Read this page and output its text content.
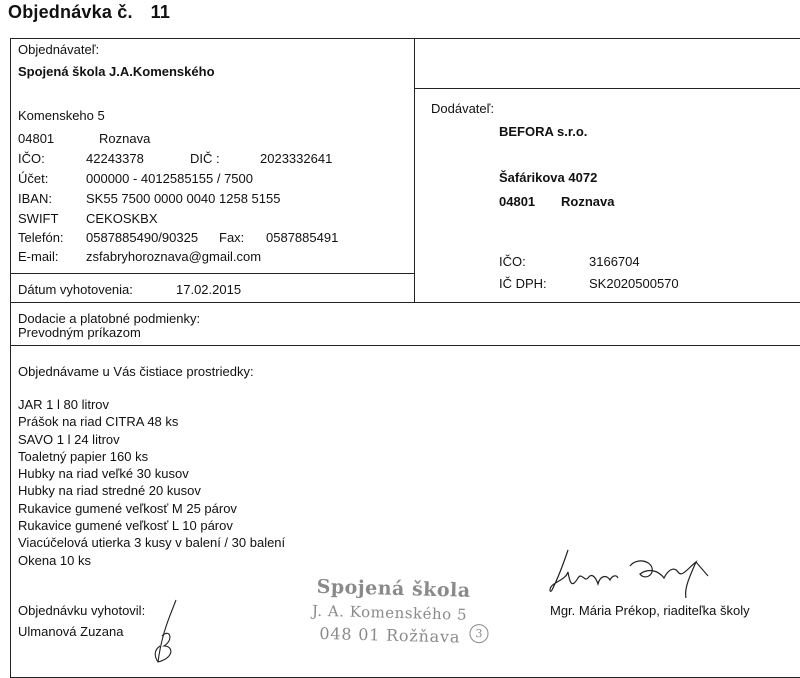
Objednávka č. 11
Objednávateľ:
Spojená škola J.A.Komenského
Komenskeho 5
04801	Roznava
IČO:	42243378	DIČ :	2023332641
Účet:	000000 - 4012585155 / 7500
IBAN:	SK55 7500 0000 0040 1258 5155
SWIFT CEKOSKBX
Telefón: 0587885490/90325 Fax: 0587885491
E-mail: zsfabryhoroznava@gmail.com
Dátum vyhotovenia:	17.02.2015
Dodávateľ:
BEFORA s.r.o.
Šafárikova 4072
04801 Roznava
IČO:	3166704
IČ DPH:	SK2020500570
Dodacie a platobné podmienky:
Prevodným príkazom
Objednávame u Vás čistiace prostriedky:
JAR 1 l 80 litrov
Prášok na riad CITRA 48 ks
SAVO 1 l 24 litrov
Toaletný papier 160 ks
Hubky na riad veľké 30 kusov
Hubky na riad stredné 20 kusov
Rukavice gumené veľkosť M 25 párov
Rukavice gumené veľkosť L 10 párov
Viacúčelová utierka 3 kusy v balení / 30 balení
Okena 10 ks
Objednávku vyhotovil:
Ulmanová Zuzana
Mgr. Mária Prékop, riaditeľka školy
Spojená škola
J. A. Komenského 5
048 01 Rožňava	3
